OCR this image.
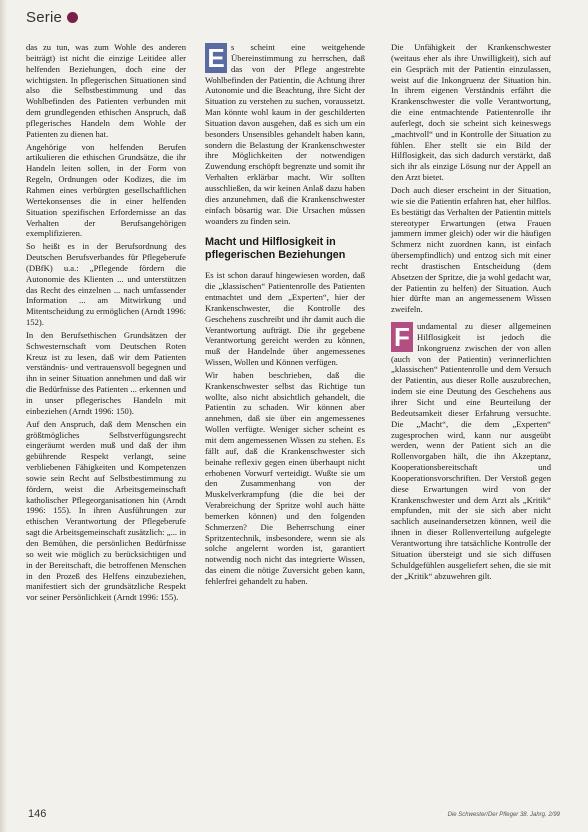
Serie

das zu tun, was zum Wohle des anderen beiträgt) ist nicht die einzige Leitidee aller helfenden Beziehungen, doch eine der wichtigsten. In pflegerischen Situationen sind also die Selbstbestimmung und das Wohlbefinden des Patienten verbunden mit dem grundlegenden ethischen Anspruch, daß pflegerisches Handeln dem Wohle der Patienten zu dienen hat.

Angehörige von helfenden Berufen artikulieren die ethischen Grundsätze, die ihr Handeln leiten sollen, in der Form von Regeln, Ordnungen oder Kodizes, die im Rahmen eines verbürgten gesellschaftlichen Wertekonsenses die in einer helfenden Situation spezifischen Erfordernisse an das Verhalten der Berufsangehörigen exemplifizieren.

So heißt es in der Berufsordnung des Deutschen Berufsverbandes für Pflegeberufe (DBfK) u.a.: „Pflegende fördern die Autonomie des Klienten ... und unterstützen das Recht des einzelnen ... nach umfassender Information ... am Mitwirkung und Mitentscheidung zu ermöglichen (Arndt 1996: 152).

In den Berufsethischen Grundsätzen der Schwesternschaft vom Deutschen Roten Kreuz ist zu lesen, daß wir dem Patienten verständnis- und vertrauensvoll begegnen und ihn in seiner Situation annehmen und daß wir die Bedürfnisse des Patienten ... erkennen und in unser pflegerisches Handeln mit einbeziehen (Arndt 1996: 150).

Auf den Anspruch, daß dem Menschen ein größtmögliches Selbstverfügungsrecht eingeräumt werden muß und daß der ihm gebührende Respekt verlangt, seine verbliebenen Fähigkeiten und Kompetenzen sowie sein Recht auf Selbstbestimmung zu fördern, weist die Arbeitsgemeinschaft katholischer Pflegeorganisationen hin (Arndt 1996: 155). In ihren Ausführungen zur ethischen Verantwortung der Pflegeberufe sagt die Arbeitsgemeinschaft zusätzlich: „... in den Bemühen, die persönlichen Bedürfnisse so weit wie möglich zu berücksichtigen und in der Bereitschaft, die betroffenen Menschen in den Prozeß des Helfens einzubeziehen, manifestiert sich der grundsätzliche Respekt vor seiner Persönlichkeit (Arndt 1996: 155).

E s scheint eine weitgehende Übereinstimmung zu herrschen, daß das von der Pflege angestrebte Wohlbefinden der Patientin, die Achtung ihrer Autonomie und die Beachtung, ihre Sicht der Situation zu verstehen zu suchen, voraussetzt. Man könnte wohl kaum in der geschilderten Situation davon ausgehen, daß es sich um ein besonders Unsensibles gehandelt haben kann, sondern die Belastung der Krankenschwester ihre Möglichkeiten der notwendigen Zuwendung erschöpft begrenzte und somit ihr Verhalten erklärbar macht. Wir sollten ausschließen, da wir keinen Anlaß dazu haben dies anzunehmen, daß die Krankenschwester einfach bösartig war. Die Ursachen müssen woanders zu finden sein.

Macht und Hilflosigkeit in pflegerischen Beziehungen

Es ist schon darauf hingewiesen worden, daß die „klassischen“ Patientenrolle des Patienten entmachtet und dem „Experten“, hier der Krankenschwester, die Kontrolle des Geschehens zuschreibt und ihr damit auch die Verantwortung aufträgt. Die ihr gegebene Verantwortung gereicht werden zu können, muß der Handelnde über angemessenes Wissen, Wollen und Können verfügen.

Wir haben beschrieben, daß die Krankenschwester selbst das Richtige tun wollte, also nicht absichtlich gehandelt, die Patientin zu schaden. Wir können aber annehmen, daß sie über ein angemessenes Wollen verfügte. Weniger sicher scheint es mit dem angemessenen Wissen zu stehen. Es fällt auf, daß die Krankenschwester sich beinahe reflexiv gegen einen überhaupt nicht erhobenen Vorwurf verteidigt. Wußte sie um den Zusammenhang von der Muskelverkrampfung (die die bei der Verabreichung der Spritze wohl auch hätte bemerken können) und den folgenden Schmerzen? Die Beherrschung einer Spritzentechnik, insbesondere, wenn sie als solche angelernt worden ist, garantiert notwendig noch nicht das integrierte Wissen, das einem die nötige Zuversicht geben kann, fehlerfrei gehandelt zu haben.

Die Unfähigkeit der Krankenschwester (weitaus eher als ihre Unwilligkeit), sich auf ein Gespräch mit der Patientin einzulassen, weist auf die Inkongruenz der Situation hin. In ihrem eigenen Verständnis erfährt die Krankenschwester die volle Verantwortung, die eine entmachtende Patientenrolle ihr auferlegt, doch sie scheint sich keineswegs „machtvoll“ und in Kontrolle der Situation zu fühlen. Eher stellt sie ein Bild der Hilflosigkeit, das sich dadurch verstärkt, daß sich ihr als einzige Lösung nur der Appell an den Arzt bietet.

Doch auch dieser erscheint in der Situation, wie sie die Patientin erfahren hat, eher hilflos. Es bestätigt das Verhalten der Patientin mittels stereotyper Erwartungen (etwa Frauen jammern immer gleich) oder wir die häufigen Schmerz nicht zuordnen kann, ist einfach übersempfindlich) und entzog sich mit einer recht drastischen Entscheidung (dem Absetzen der Spritze, die ja wohl gedacht war, der Patientin zu helfen) der Situation. Auch hier dürfte man an angemessenem Wissen zweifeln.

F undamental zu dieser allgemeinen Hilflosigkeit ist jedoch die Inkongruenz zwischen der von allen (auch von der Patientin) verinnerlichten „klassischen“ Patientenrolle und dem Versuch der Patientin, aus dieser Rolle auszubrechen, indem sie eine Deutung des Geschehens aus ihrer Sicht und eine Beurteilung der Bedeutsamkeit dieser Erfahrung versuchte. Die „Macht“, die dem „Experten“ zugesprochen wird, kann nur ausgeübt werden, wenn der Patient sich an die Rollenvorgaben hält, die ihn Akzeptanz, Kooperationsbereitschaft und Kooperationsvorschriften. Der Verstoß gegen diese Erwartungen wird von der Krankenschwester und dem Arzt als „Kritik“ empfunden, mit der sie sich aber nicht sachlich auseinandersetzen können, weil die ihnen in dieser Rollenverteilung aufgelegte Verantwortung ihre tatsächliche Kontrolle der Situation übersteigt und sie sich diffusen Schuldgefühlen ausgeliefert sehen, die sie mit der „Kritik“ abzuwehren gilt.

146	Die Schwester/Der Pfleger 38. Jahrg. 2/99
